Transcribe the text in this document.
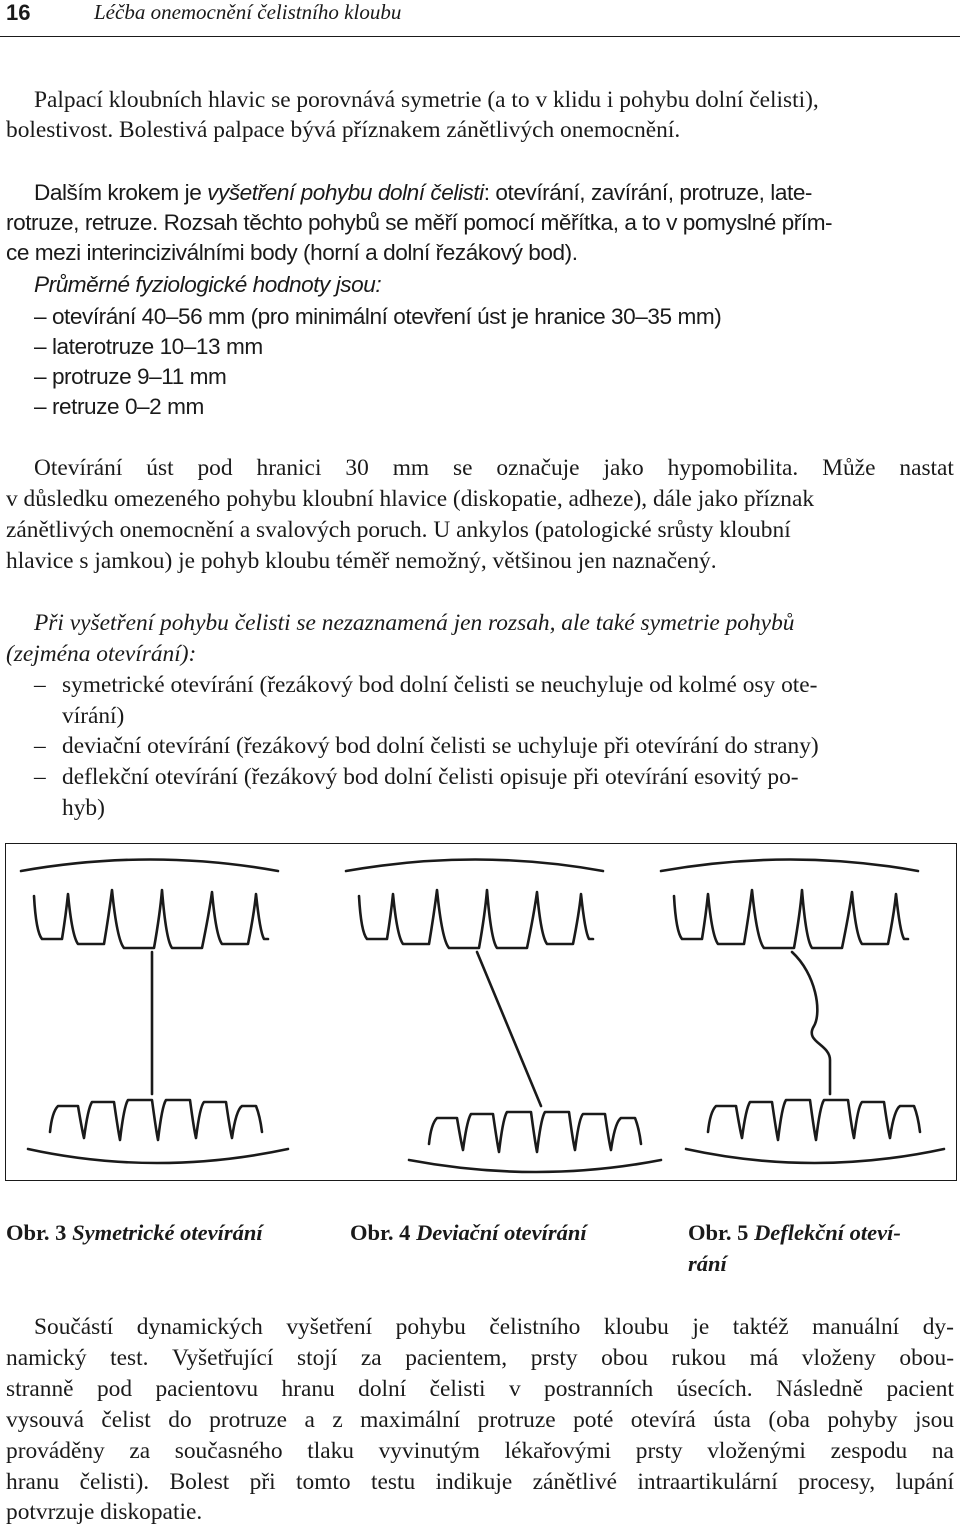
16	Léčba onemocnění čelistního kloubu
Palpací kloubních hlavic se porovnává symetrie (a to v klidu i pohybu dolní čelisti),
bolestivost. Bolestivá palpace bývá příznakem zánětlivých onemocnění.
Dalším krokem je vyšetření pohybu dolní čelisti: otevírání, zavírání, protruze, late-
rotruze, retruze. Rozsah těchto pohybů se měří pomocí měřítka, a to v pomyslné přím-
ce mezi interinciziválními body (horní a dolní řezákový bod).
Průměrné fyziologické hodnoty jsou:
– otevírání 40–56 mm (pro minimální otevření úst je hranice 30–35 mm)
– laterotruze 10–13 mm
– protruze 9–11 mm
– retruze 0–2 mm
Otevírání úst pod hranici 30 mm se označuje jako hypomobilita. Může nastat
v důsledku omezeného pohybu kloubní hlavice (diskopatie, adheze), dále jako příznak
zánětlivých onemocnění a svalových poruch. U ankylos (patologické srůsty kloubní
hlavice s jamkou) je pohyb kloubu téměř nemožný, většinou jen naznačený.
Při vyšetření pohybu čelisti se nezaznamená jen rozsah, ale také symetrie pohybů
(zejména otevírání):
– symetrické otevírání (řezákový bod dolní čelisti se neuchyluje od kolmé osy ote-
vírání)
– deviační otevírání (řezákový bod dolní čelisti se uchyluje při otevírání do strany)
– deflekční otevírání (řezákový bod dolní čelisti opisuje při otevírání esovitý po-
hyb)
Obr. 3 Symetrické otevírání	Obr. 4 Deviační otevírání	Obr. 5 Deflekční oteví-
rání
Součástí dynamických vyšetření pohybu čelistního kloubu je taktéž manuální dy-
namický test. Vyšetřující stojí za pacientem, prsty obou rukou má vloženy obou-
stranně pod pacientovu hranu dolní čelisti v postranních úsecích. Následně pacient
vysouvá čelist do protruze a z maximální protruze poté otevírá ústa (oba pohyby jsou
prováděny za současného tlaku vyvinutým lékařovými prsty vloženými zespodu na
hranu čelisti). Bolest při tomto testu indikuje zánětlivé intraartikulární procesy, lupání
potvrzuje diskopatie.
